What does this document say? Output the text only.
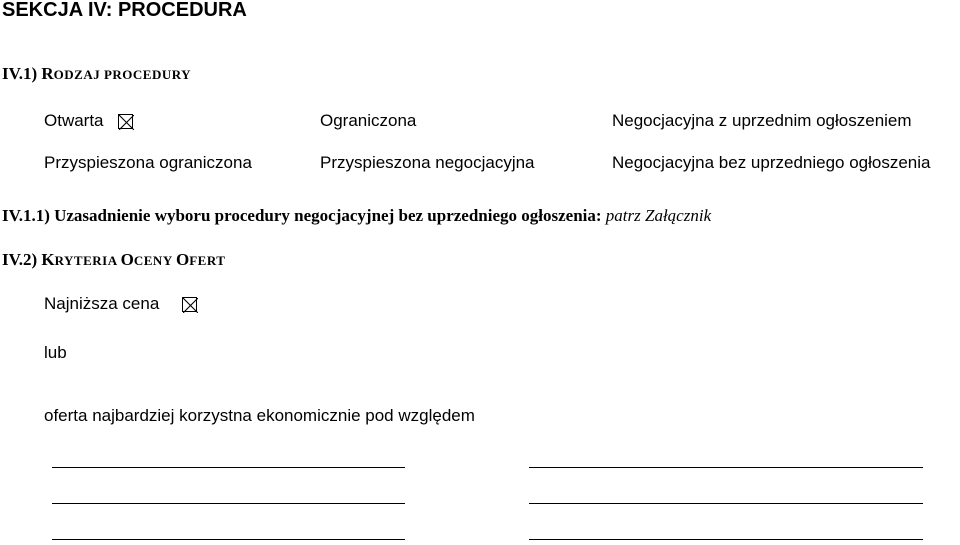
SEKCJA IV: PROCEDURA
IV.1) RODZAJ PROCEDURY
Otwarta	Ograniczona	Negocjacyjna z uprzednim ogłoszeniem
Przyspieszona ograniczona	Przyspieszona negocjacyjna	Negocjacyjna bez uprzedniego ogłoszenia
IV.1.1) Uzasadnienie wyboru procedury negocjacyjnej bez uprzedniego ogłoszenia: patrz Załącznik
IV.2) KRYTERIA OCENY OFERT
Najniższa cena
lub
oferta najbardziej korzystna ekonomicznie pod względem
